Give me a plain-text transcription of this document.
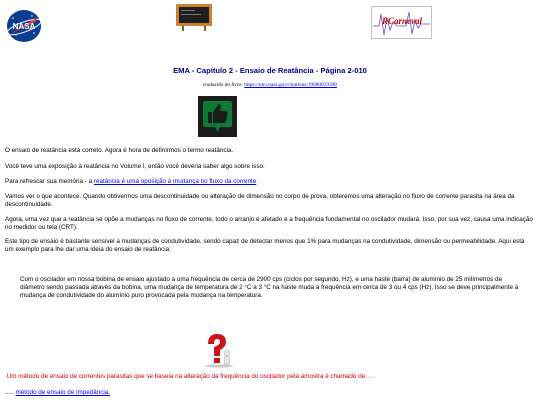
NASA
RCarneval
EMA - Capítulo 2 - Ensaio de Reatância - Página 2-010
traduzido do livro: https://ntrs.nasa.gov/citations/19680019308

O ensaio de reatância está correto. Agora é hora de definirmos o termo reatância.

Você teve uma exposição à reatância no Volume I, então você deveria saber algo sobre isso.

Para refrescar sua memória - a reatância é uma oposição à mudança no fluxo da corrente .

Vamos ver o que acontece. Quando obtivermos uma descontinuidade ou alteração de dimensão no corpo de prova, obteremos uma alteração no fluxo de corrente parasita na área da descontinuidade.

Agora, uma vez que a reatância se opõe a mudanças no fluxo de corrente, todo o arranjo é afetado e a frequência fundamental no oscilador mudará. Isso, por sua vez, causa uma indicação no medidor ou tela (CRT).

Este tipo de ensaio é bastante sensível a mudanças de condutividade, sendo capaz de detectar menos que 1% para mudanças na condutividade, dimensão ou permeabilidade. Aqui está um exemplo para lhe dar uma ideia do ensaio de reatância:

Com o oscilador em nossa bobina de ensaio ajustado a uma frequência de cerca de 2900 cps (ciclos por segundo, Hz), e uma haste (barra) de alumínio de 25 milímetros de diâmetro sendo passada através da bobina, uma mudança de temperatura de 2 °C a 3 °C na haste muda a frequência em cerca de 3 ou 4 cps (Hz). Isso se deve principalmente à mudança de condutividade do alumínio puro provocada pela mudança na temperatura.

.Um método de ensaio de correntes parasitas que se baseia na alteração da frequência do oscilador pela amostra é chamado de. . .

..... método de ensaio de impedância.
